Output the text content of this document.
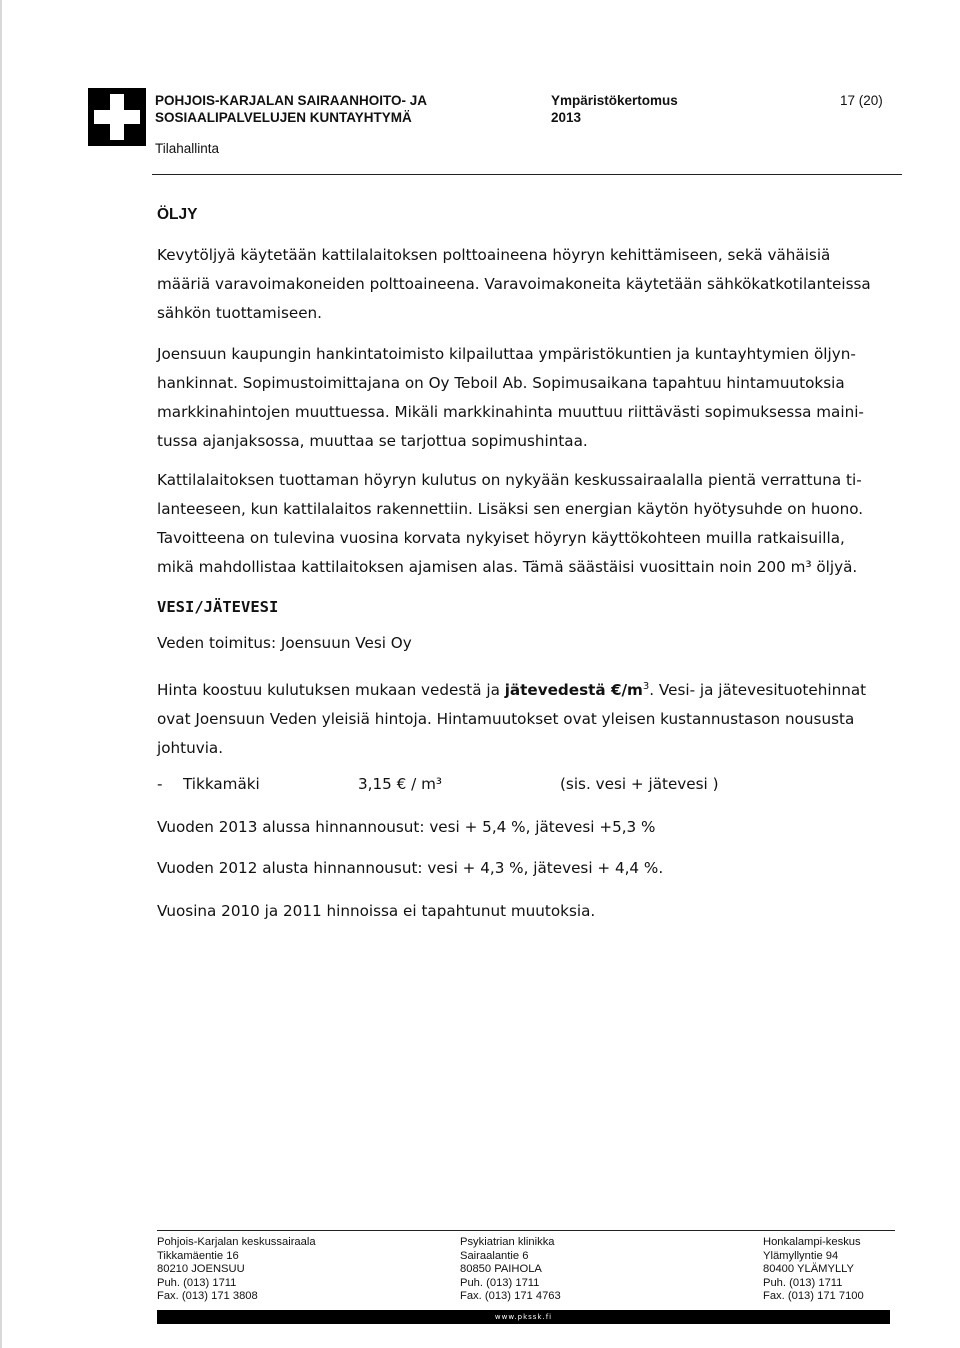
POHJOIS-KARJALAN SAIRAANHOITO- JA
SOSIAALIPALVELUJEN KUNTAYHTYMÄ
Tilahallinta
Ympäristökertomus
2013
17 (20)
ÖLJY

Kevytöljyä käytetään kattilalaitoksen polttoaineena höyryn kehittämiseen, sekä vähäisiä
määriä varavoimakoneiden polttoaineena. Varavoimakoneita käytetään sähkökatkotilanteissa
sähkön tuottamiseen.

Joensuun kaupungin hankintatoimisto kilpailuttaa ympäristökuntien ja kuntayhtymien öljyn-
hankinnat. Sopimustoimittajana on Oy Teboil Ab. Sopimusaikana tapahtuu hintamuutoksia
markkinahintojen muuttuessa. Mikäli markkinahinta muuttuu riittävästi sopimuksessa maini-
tussa ajanjaksossa, muuttaa se tarjottua sopimushintaa.

Kattilalaitoksen tuottaman höyryn kulutus on nykyään keskussairaalalla pientä verrattuna ti-
lanteeseen, kun kattilalaitos rakennettiin. Lisäksi sen energian käytön hyötysuhde on huono.
Tavoitteena on tulevina vuosina korvata nykyiset höyryn käyttökohteen muilla ratkaisuilla,
mikä mahdollistaa kattilaitoksen ajamisen alas. Tämä säästäisi vuosittain noin 200 m³ öljyä.

VESI/JÄTEVESI
Veden toimitus: Joensuun Vesi Oy

Hinta koostuu kulutuksen mukaan vedestä ja jätevedestä $€/m^3$. Vesi- ja jätevesituotehinnat
ovat Joensuun Veden yleisiä hintoja. Hintamuutokset ovat yleisen kustannustason noususta
johtuvia.

- Tikkamäki	3,15 € / m³	(sis. vesi + jätevesi )
Vuoden 2013 alussa hinnannousut: vesi + 5,4 %, jätevesi +5,3 %
Vuoden 2012 alusta hinnannousut: vesi + 4,3 %, jätevesi + 4,4 %.
Vuosina 2010 ja 2011 hinnoissa ei tapahtunut muutoksia.
Pohjois-Karjalan keskussairaala
Tikkamäentie 16
80210 JOENSUU
Puh. (013) 1711
Fax. (013) 171 3808
Psykiatrian klinikka
Sairaalantie 6
80850 PAIHOLA
Puh. (013) 1711
Fax. (013) 171 4763
Honkalampi-keskus
Ylämyllyntie 94
80400 YLÄMYLLY
Puh. (013) 1711
Fax. (013) 171 7100
www.pkssk.fi
